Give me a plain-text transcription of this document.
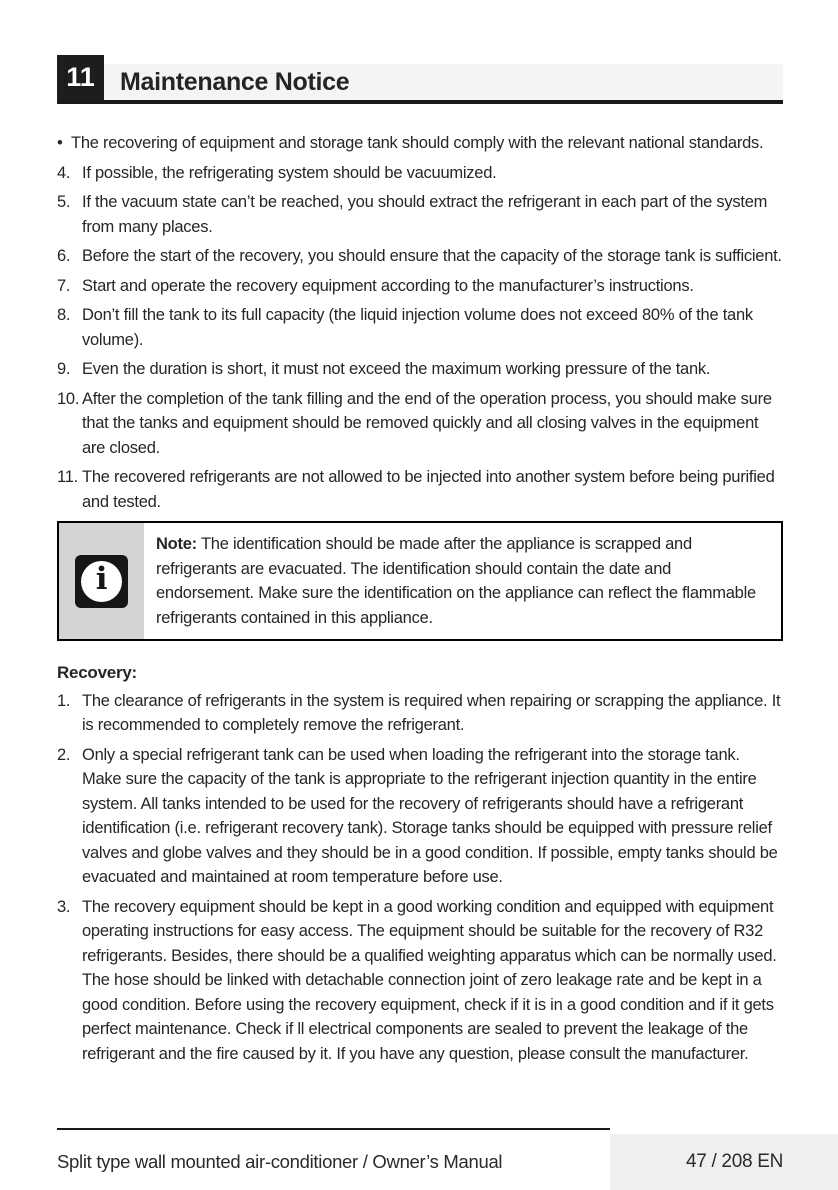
11 Maintenance Notice
• The recovering of equipment and storage tank should comply with the relevant national standards.
4. If possible, the refrigerating system should be vacuumized.
5. If the vacuum state can’t be reached, you should extract the refrigerant in each part of the system from many places.
6. Before the start of the recovery, you should ensure that the capacity of the storage tank is sufficient.
7. Start and operate the recovery equipment according to the manufacturer’s instructions.
8. Don’t fill the tank to its full capacity (the liquid injection volume does not exceed 80% of the tank volume).
9. Even the duration is short, it must not exceed the maximum working pressure of the tank.
10. After the completion of the tank filling and the end of the operation process, you should make sure that the tanks and equipment should be removed quickly and all closing valves in the equipment are closed.
11. The recovered refrigerants are not allowed to be injected into another system before being purified and tested.
i
Note: The identification should be made after the appliance is scrapped and refrigerants are evacuated. The identification should contain the date and endorsement. Make sure the identification on the appliance can reflect the flammable refrigerants contained in this appliance.
Recovery:
1. The clearance of refrigerants in the system is required when repairing or scrapping the appliance. It is recommended to completely remove the refrigerant.
2. Only a special refrigerant tank can be used when loading the refrigerant into the storage tank. Make sure the capacity of the tank is appropriate to the refrigerant injection quantity in the entire system. All tanks intended to be used for the recovery of refrigerants should have a refrigerant identification (i.e. refrigerant recovery tank). Storage tanks should be equipped with pressure relief valves and globe valves and they should be in a good condition. If possible, empty tanks should be evacuated and maintained at room temperature before use.
3. The recovery equipment should be kept in a good working condition and equipped with equipment operating instructions for easy access. The equipment should be suitable for the recovery of R32 refrigerants. Besides, there should be a qualified weighting apparatus which can be normally used. The hose should be linked with detachable connection joint of zero leakage rate and be kept in a good condition. Before using the recovery equipment, check if it is in a good condition and if it gets perfect maintenance. Check if ll electrical components are sealed to prevent the leakage of the refrigerant and the fire caused by it. If you have any question, please consult the manufacturer.
Split type wall mounted air-conditioner / Owner’s Manual	47 / 208 EN
